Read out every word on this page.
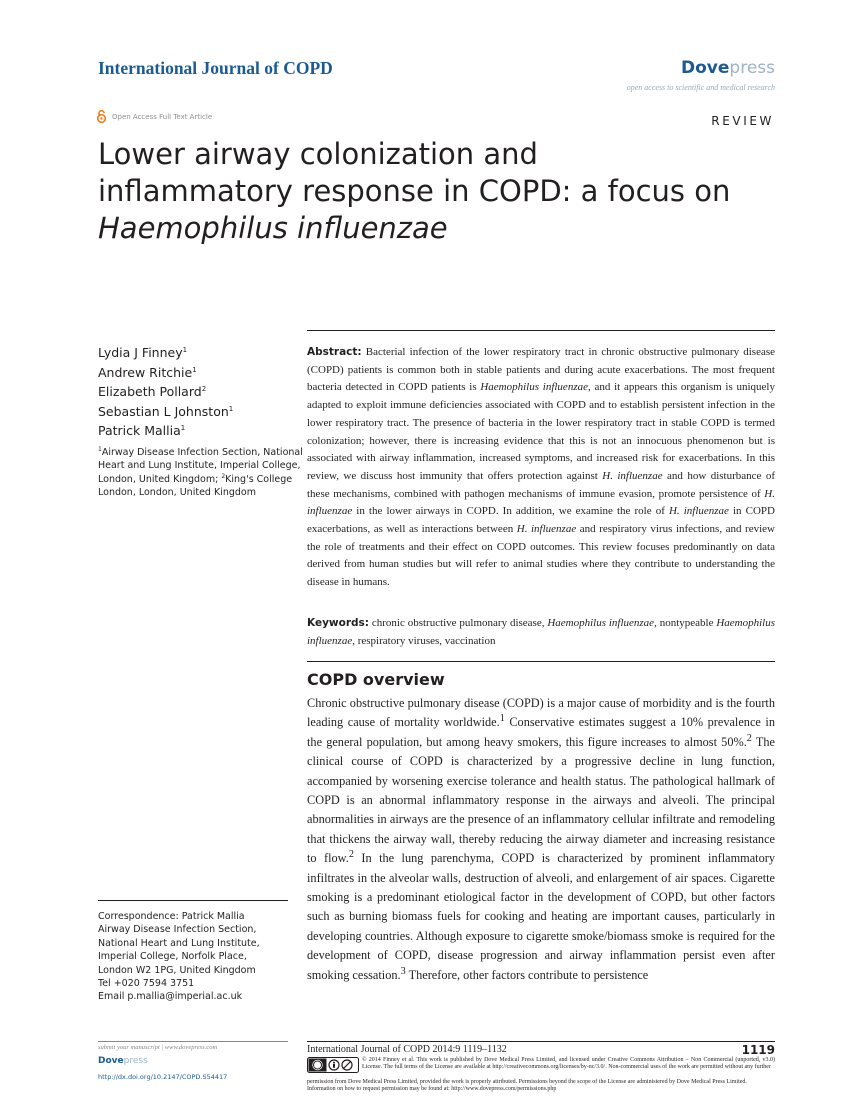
International Journal of COPD	Dovepress
open access to scientific and medical research
Open Access Full Text Article	REVIEW
Lower airway colonization and inflammatory response in COPD: a focus on Haemophilus influenzae
Lydia J Finney$^1$
Andrew Ritchie$^1$
Elizabeth Pollard$^2$
Sebastian L Johnston$^1$
Patrick Mallia$^1$
$^1$Airway Disease Infection Section, National Heart and Lung Institute, Imperial College, London, United Kingdom; $^2$King's College London, London, United Kingdom

Abstract: Bacterial infection of the lower respiratory tract in chronic obstructive pulmonary disease (COPD) patients is common both in stable patients and during acute exacerbations. The most frequent bacteria detected in COPD patients is Haemophilus influenzae, and it appears this organism is uniquely adapted to exploit immune deficiencies associated with COPD and to establish persistent infection in the lower respiratory tract. The presence of bacteria in the lower respiratory tract in stable COPD is termed colonization; however, there is increasing evidence that this is not an innocuous phenomenon but is associated with airway inflammation, increased symptoms, and increased risk for exacerbations. In this review, we discuss host immunity that offers protection against H. influenzae and how disturbance of these mechanisms, combined with pathogen mechanisms of immune evasion, promote persistence of H. influenzae in the lower airways in COPD. In addition, we examine the role of H. influenzae in COPD exacerbations, as well as interactions between H. influenzae and respiratory virus infections, and review the role of treatments and their effect on COPD outcomes. This review focuses predominantly on data derived from human studies but will refer to animal studies where they contribute to understanding the disease in humans.

Keywords: chronic obstructive pulmonary disease, Haemophilus influenzae, nontypeable Haemophilus influenzae, respiratory viruses, vaccination

COPD overview

Chronic obstructive pulmonary disease (COPD) is a major cause of morbidity and is the fourth leading cause of mortality worldwide.$^1$ Conservative estimates suggest a 10% prevalence in the general population, but among heavy smokers, this figure increases to almost 50%.$^2$ The clinical course of COPD is characterized by a progressive decline in lung function, accompanied by worsening exercise tolerance and health status. The pathological hallmark of COPD is an abnormal inflammatory response in the airways and alveoli. The principal abnormalities in airways are the presence of an inflammatory cellular infiltrate and remodeling that thickens the airway wall, thereby reducing the airway diameter and increasing resistance to flow.$^2$ In the lung parenchyma, COPD is characterized by prominent inflammatory infiltrates in the alveolar walls, destruction of alveoli, and enlargement of air spaces. Cigarette smoking is a predominant etiological factor in the development of COPD, but other factors such as burning biomass fuels for cooking and heating are important causes, particularly in developing countries. Although exposure to cigarette smoke/biomass smoke is required for the development of COPD, disease progression and airway inflammation persist even after smoking cessation.$^3$ Therefore, other factors contribute to persistence

Correspondence: Patrick Mallia
Airway Disease Infection Section,
National Heart and Lung Institute,
Imperial College, Norfolk Place,
London W2 1PG, United Kingdom
Tel +020 7594 3751
Email p.mallia@imperial.ac.uk
submit your manuscript | www.dovepress.com
Dovepress
http://dx.doi.org/10.2147/COPD.S54417
International Journal of COPD 2014:9 1119–1132	1119

© 2014 Finney et al. This work is published by Dove Medical Press Limited, and licensed under Creative Commons Attribution – Non Commercial (unported, v3.0) License. The full terms of the License are available at http://creativecommons.org/licenses/by-nc/3.0/. Non-commercial uses of the work are permitted without any further

permission from Dove Medical Press Limited, provided the work is properly attributed. Permissions beyond the scope of the License are administered by Dove Medical Press Limited. Information on how to request permission may be found at: http://www.dovepress.com/permissions.php
